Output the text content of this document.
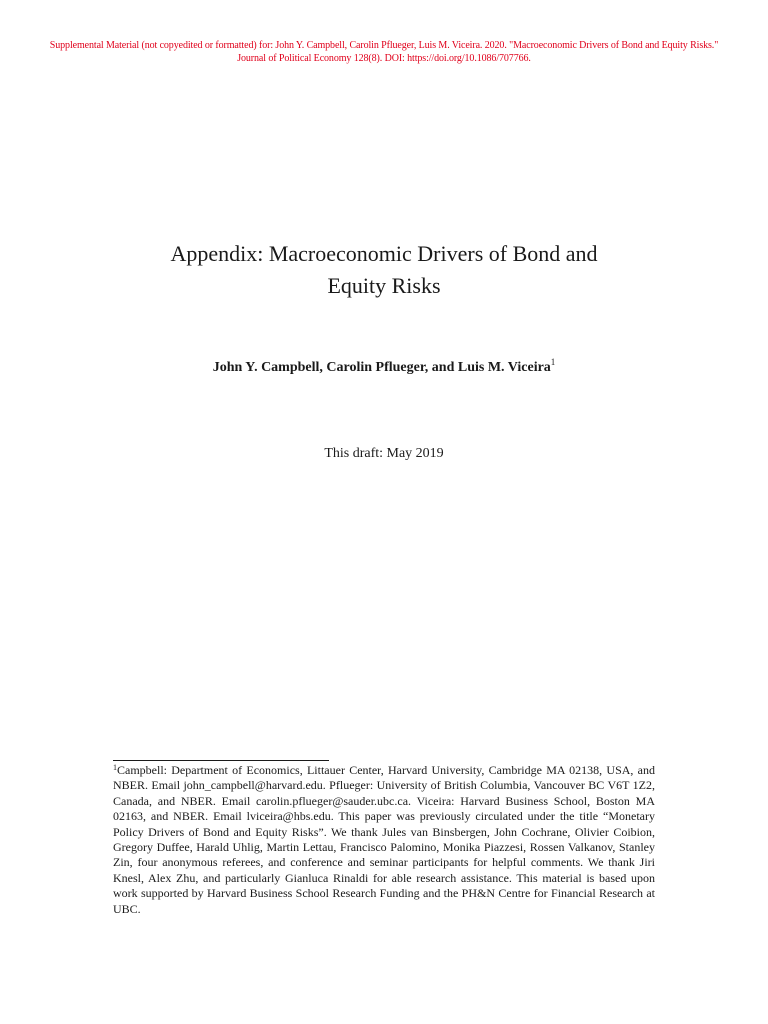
Supplemental Material (not copyedited or formatted) for: John Y. Campbell, Carolin Pflueger, Luis M. Viceira. 2020. "Macroeconomic Drivers of Bond and Equity Risks."
Journal of Political Economy 128(8). DOI: https://doi.org/10.1086/707766.
Appendix: Macroeconomic Drivers of Bond and
Equity Risks
John Y. Campbell, Carolin Pflueger, and Luis M. Viceira$^1$
This draft: May 2019
$^1$Campbell: Department of Economics, Littauer Center, Harvard University, Cambridge MA 02138, USA, and NBER. Email john_campbell@harvard.edu. Pflueger: University of British Columbia, Vancouver BC V6T 1Z2, Canada, and NBER. Email carolin.pflueger@sauder.ubc.ca. Viceira: Harvard Business School, Boston MA 02163, and NBER. Email lviceira@hbs.edu. This paper was previously circulated under the title “Monetary Policy Drivers of Bond and Equity Risks”. We thank Jules van Binsbergen, John Cochrane, Olivier Coibion, Gregory Duffee, Harald Uhlig, Martin Lettau, Francisco Palomino, Monika Piazzesi, Rossen Valkanov, Stanley Zin, four anonymous referees, and conference and seminar participants for helpful comments. We thank Jiri Knesl, Alex Zhu, and particularly Gianluca Rinaldi for able research assistance. This material is based upon work supported by Harvard Business School Research Funding and the PH&N Centre for Financial Research at UBC.
